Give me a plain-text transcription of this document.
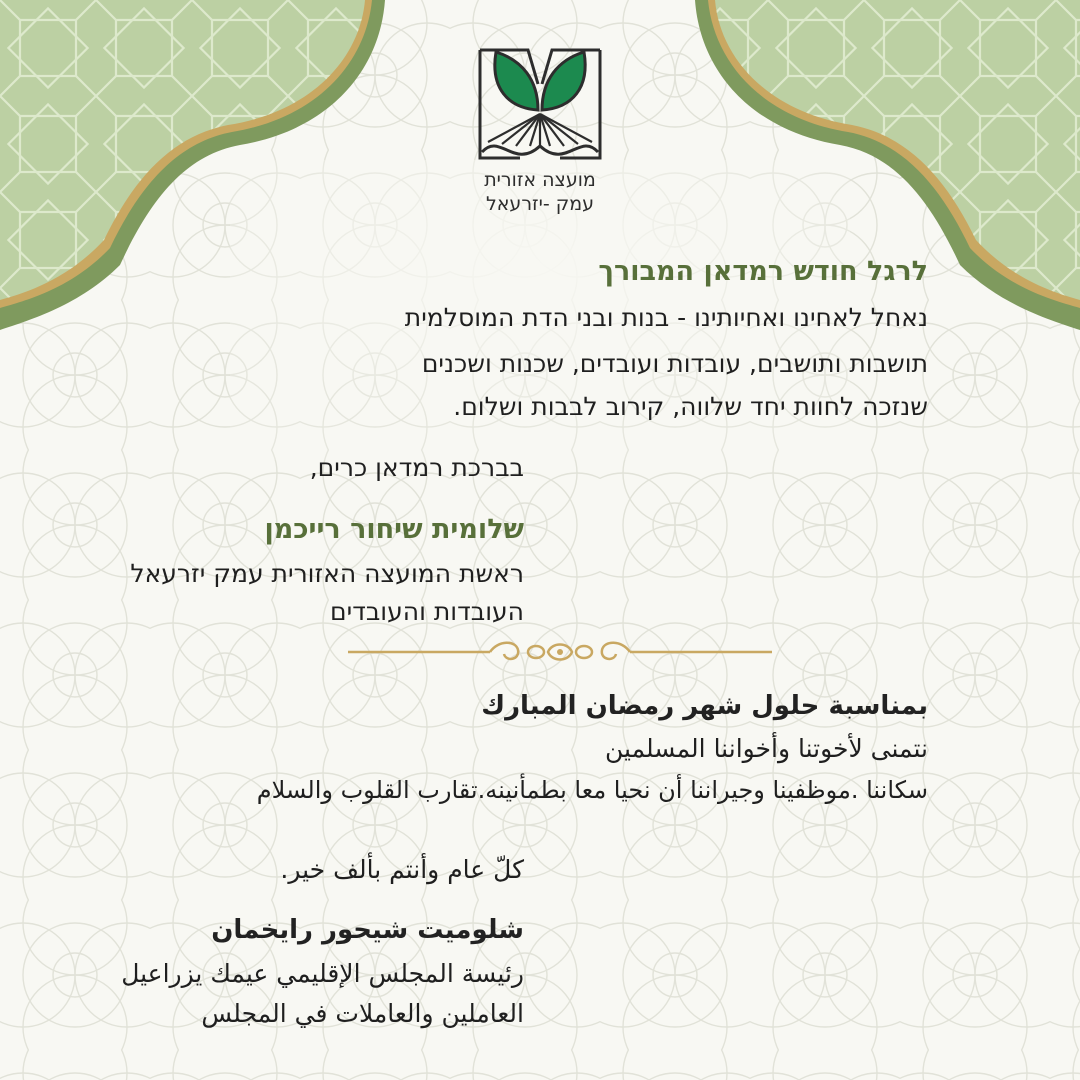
מועצה אזורית
עמק -יזרעאל
לרגל חודש רמדאן המבורך
נאחל לאחינו ואחיותינו - בנות ובני הדת המוסלמית
תושבות ותושבים, עובדות ועובדים, שכנות ושכנים
שנזכה לחוות יחד שלווה, קירוב לבבות ושלום.
בברכת רמדאן כרים,
שלומית שיחור רייכמן
ראשת המועצה האזורית עמק יזרעאל
העובדות והעובדים
بمناسبة حلول شهر رمضان المبارك
نتمنى لأخوتنا وأخواننا المسلمين
سكاننا .موظفينا وجيراننا أن نحيا معا بطمأنينه.تقارب القلوب والسلام
كلّ عام وأنتم بألف خير.
شلوميت شيحور رايخمان
رئيسة المجلس الإقليمي عيمك يزراعيل
العاملين والعاملات في المجلس
